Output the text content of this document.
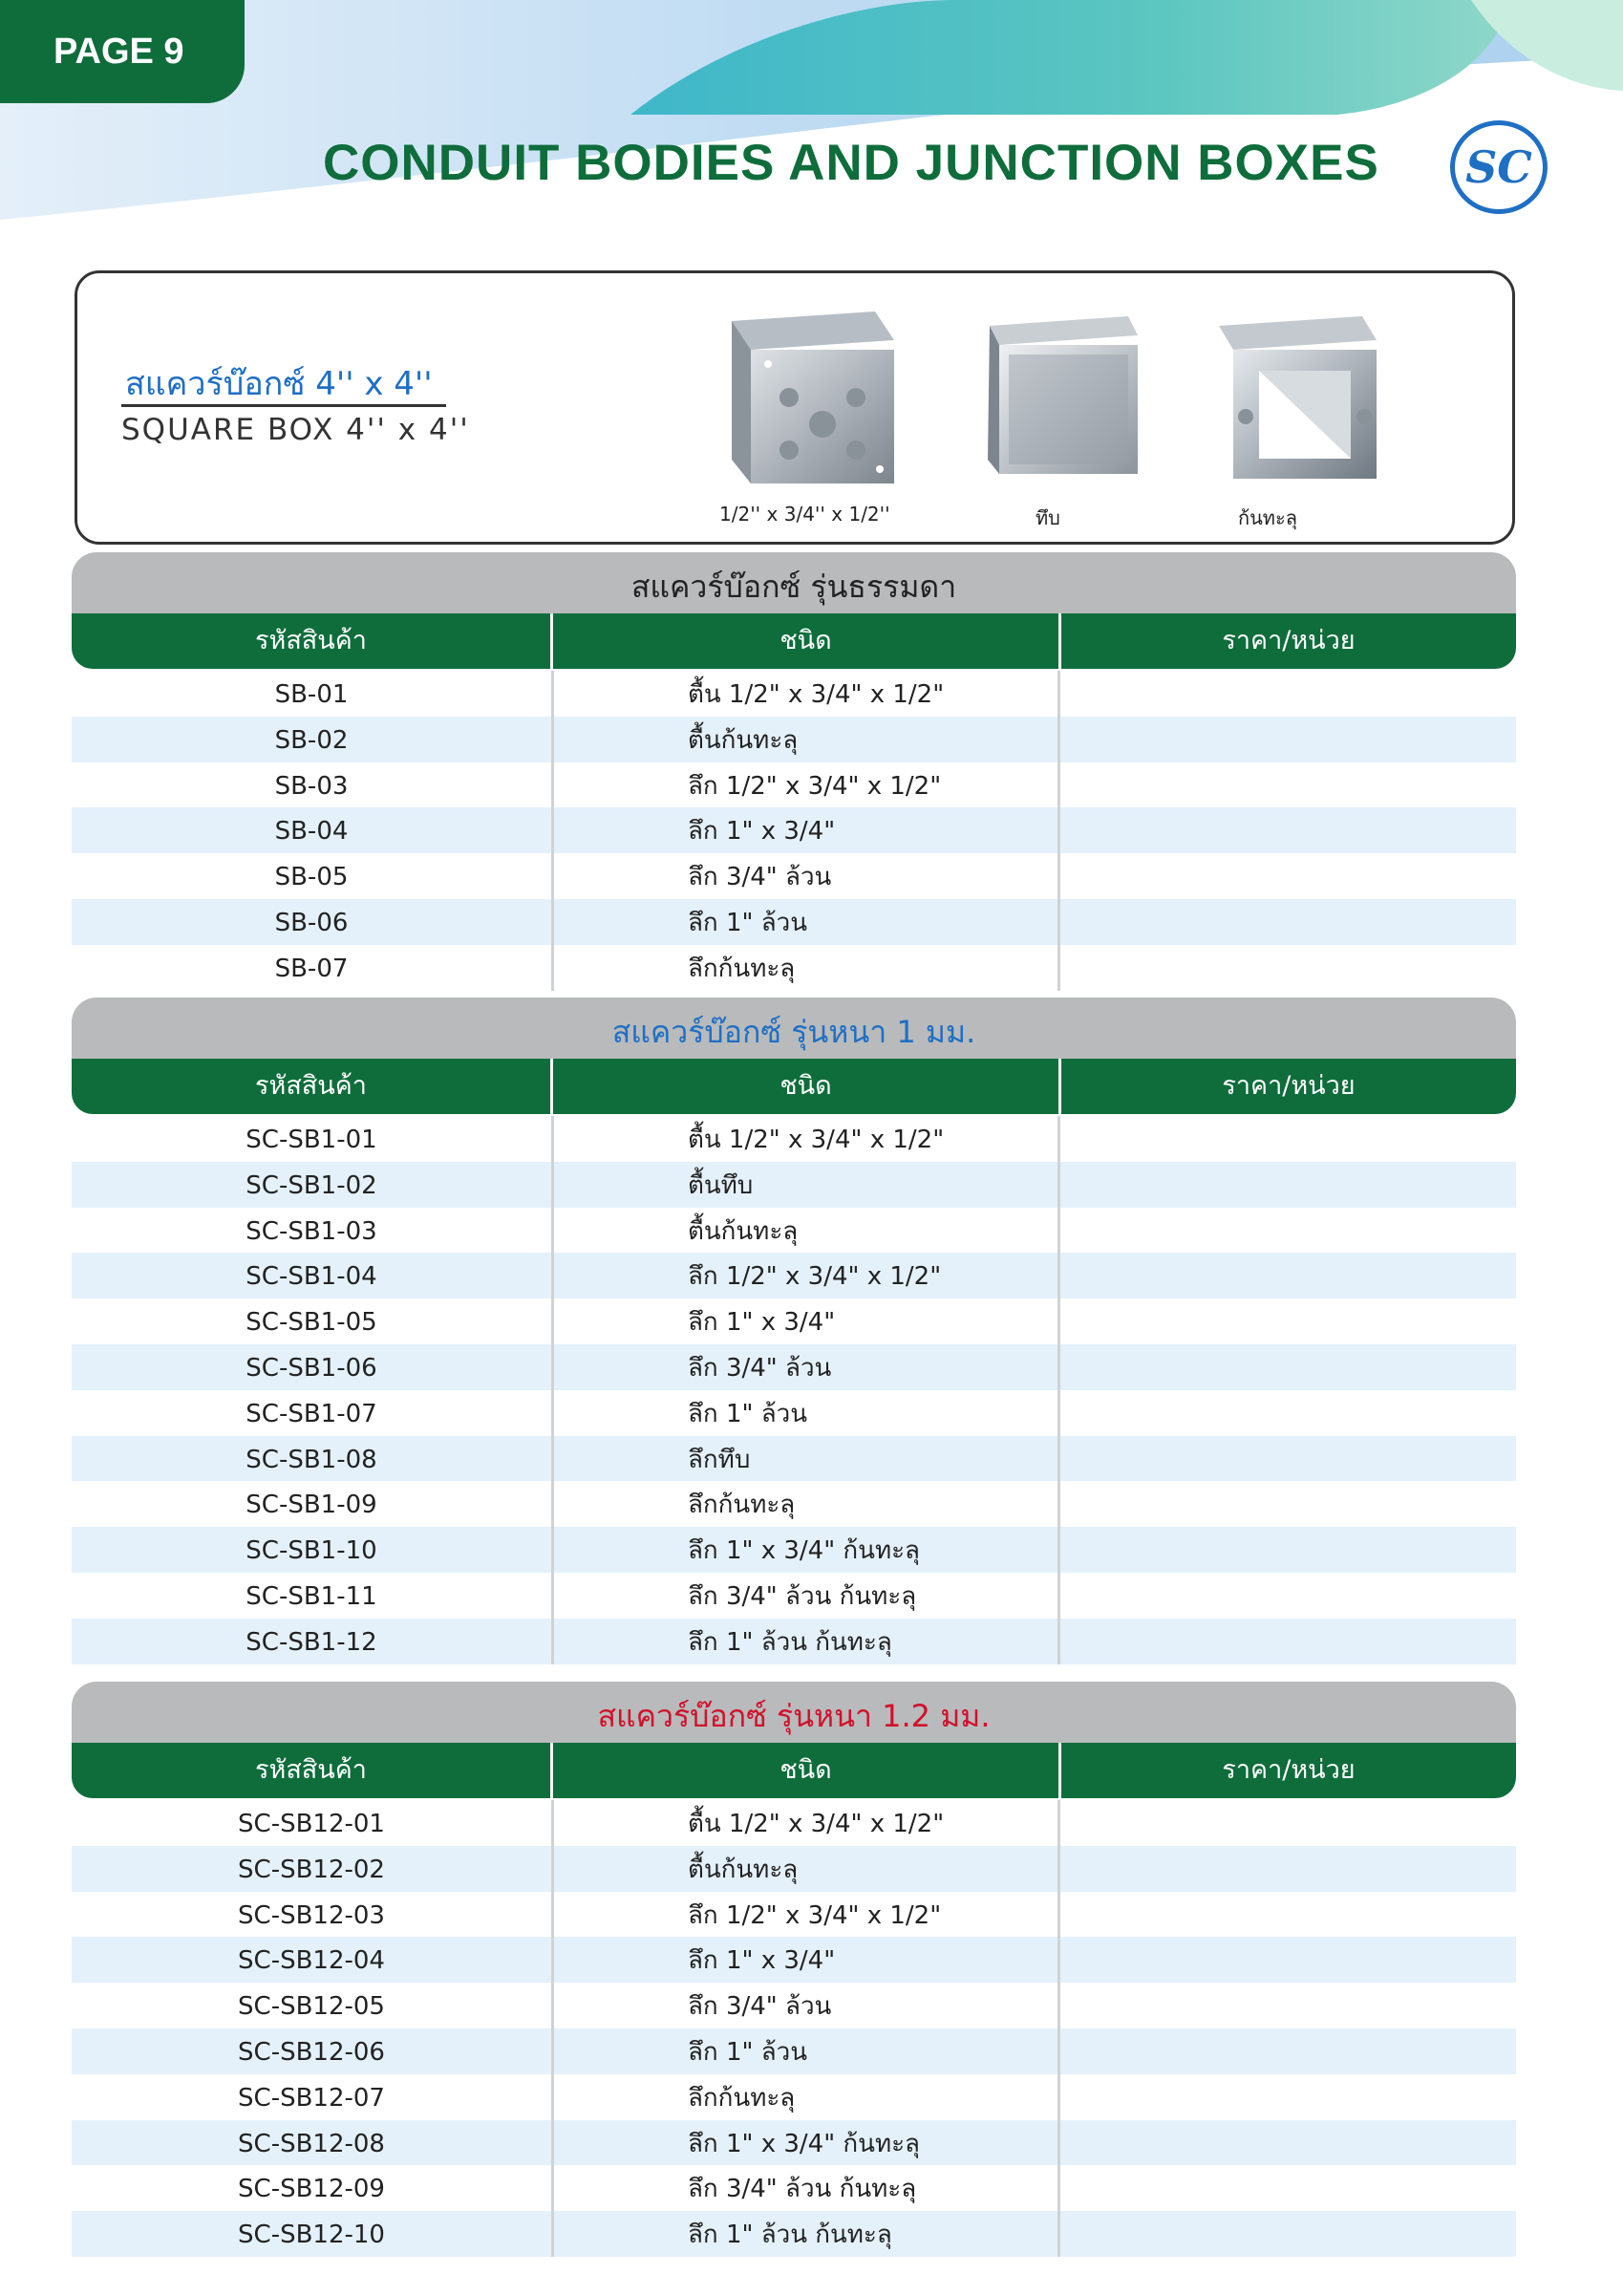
PAGE 9
CONDUIT BODIES AND JUNCTION BOXES	SC
สแควร์บ๊อกซ์ 4'' x 4''
SQUARE BOX 4'' x 4''
1/2'' x 3/4'' x 1/2''	ทึบ	ก้นทะลุ
สแควร์บ๊อกซ์ รุ่นธรรมดา
รหัสสินค้า	ชนิด	ราคา/หน่วย
SB-01	ตื้น 1/2" x 3/4" x 1/2"
SB-02	ตื้นก้นทะลุ
SB-03	ลึก 1/2" x 3/4" x 1/2"
SB-04	ลึก 1" x 3/4"
SB-05	ลึก 3/4" ล้วน
SB-06	ลึก 1" ล้วน
SB-07	ลึกก้นทะลุ
สแควร์บ๊อกซ์ รุ่นหนา 1 มม.
รหัสสินค้า	ชนิด	ราคา/หน่วย
SC-SB1-01	ตื้น 1/2" x 3/4" x 1/2"
SC-SB1-02	ตื้นทึบ
SC-SB1-03	ตื้นก้นทะลุ
SC-SB1-04	ลึก 1/2" x 3/4" x 1/2"
SC-SB1-05	ลึก 1" x 3/4"
SC-SB1-06	ลึก 3/4" ล้วน
SC-SB1-07	ลึก 1" ล้วน
SC-SB1-08	ลึกทึบ
SC-SB1-09	ลึกก้นทะลุ
SC-SB1-10	ลึก 1" x 3/4" ก้นทะลุ
SC-SB1-11	ลึก 3/4" ล้วน ก้นทะลุ
SC-SB1-12	ลึก 1" ล้วน ก้นทะลุ
สแควร์บ๊อกซ์ รุ่นหนา 1.2 มม.
รหัสสินค้า	ชนิด	ราคา/หน่วย
SC-SB12-01	ตื้น 1/2" x 3/4" x 1/2"
SC-SB12-02	ตื้นก้นทะลุ
SC-SB12-03	ลึก 1/2" x 3/4" x 1/2"
SC-SB12-04	ลึก 1" x 3/4"
SC-SB12-05	ลึก 3/4" ล้วน
SC-SB12-06	ลึก 1" ล้วน
SC-SB12-07	ลึกก้นทะลุ
SC-SB12-08	ลึก 1" x 3/4" ก้นทะลุ
SC-SB12-09	ลึก 3/4" ล้วน ก้นทะลุ
SC-SB12-10	ลึก 1" ล้วน ก้นทะลุ
